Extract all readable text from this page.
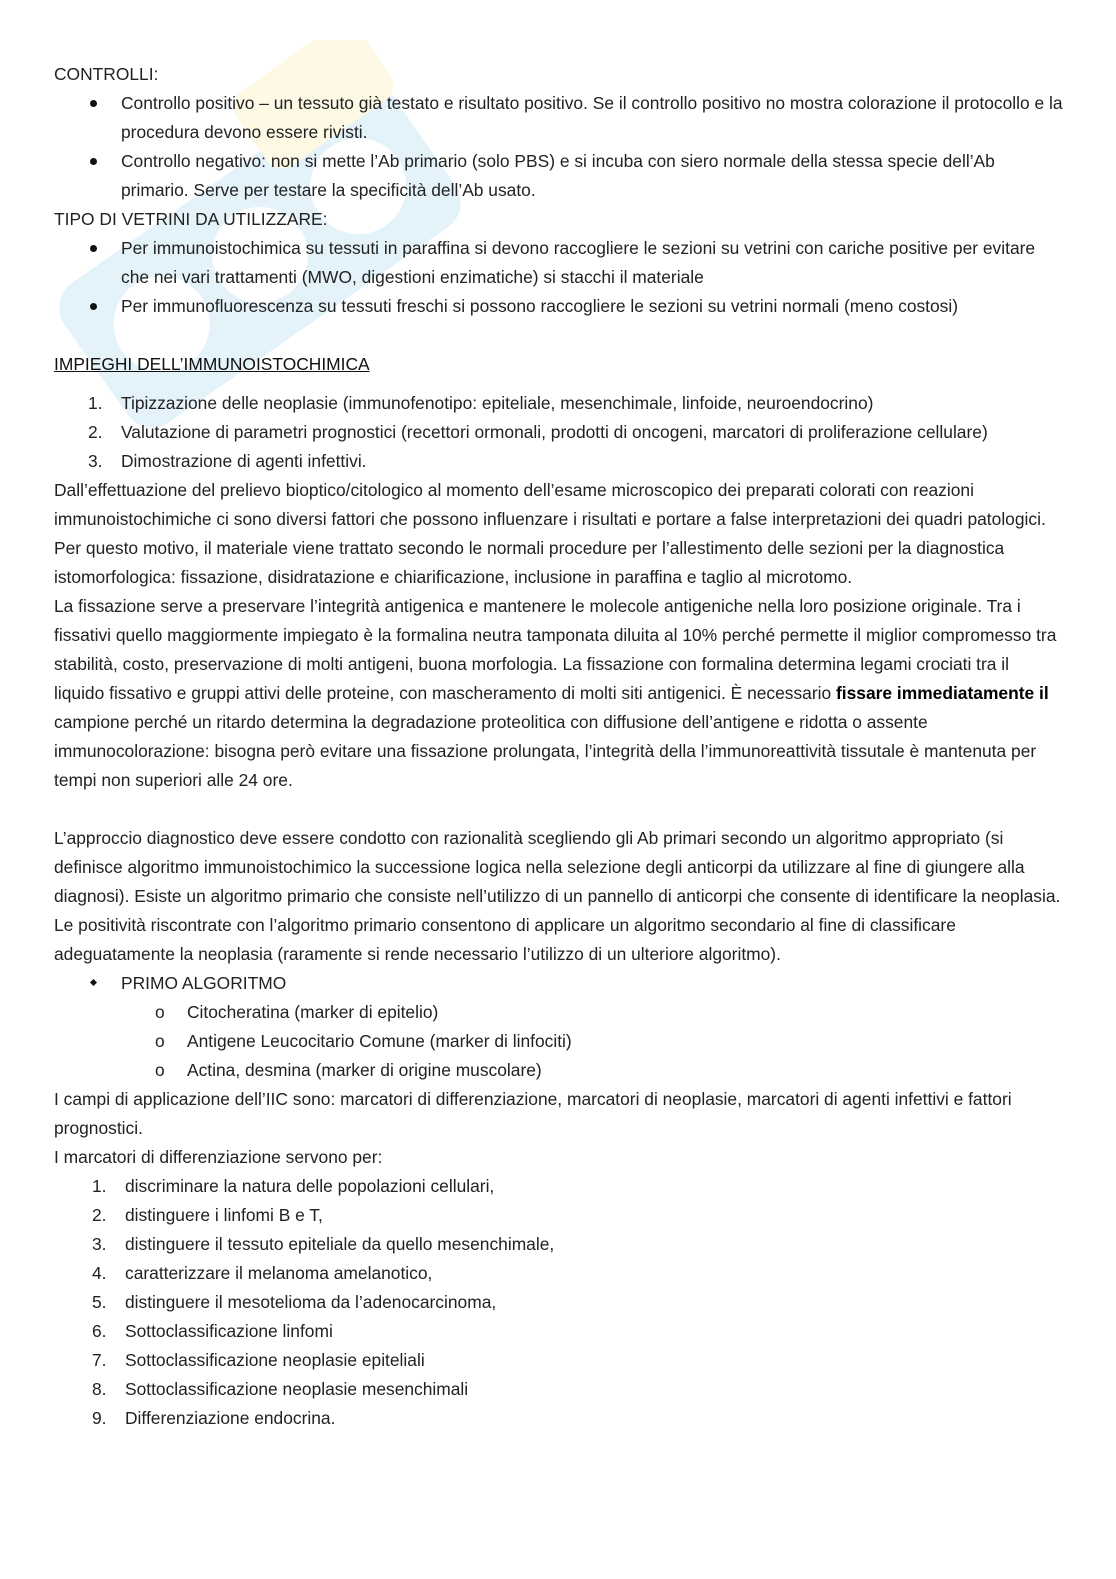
CONTROLLI:

Controllo positivo – un tessuto già testato e risultato positivo. Se il controllo positivo no mostra colorazione il protocollo e la procedura devono essere rivisti.
Controllo negativo: non si mette l’Ab primario (solo PBS) e si incuba con siero normale della stessa specie dell’Ab primario. Serve per testare la specificità dell’Ab usato.

TIPO DI VETRINI DA UTILIZZARE:

Per immunoistochimica su tessuti in paraffina si devono raccogliere le sezioni su vetrini con cariche positive per evitare che nei vari trattamenti (MWO, digestioni enzimatiche) si stacchi il materiale
Per immunofluorescenza su tessuti freschi si possono raccogliere le sezioni su vetrini normali (meno costosi)

IMPIEGHI DELL’IMMUNOISTOCHIMICA

1. Tipizzazione delle neoplasie (immunofenotipo: epiteliale, mesenchimale, linfoide, neuroendocrino)
2. Valutazione di parametri prognostici (recettori ormonali, prodotti di oncogeni, marcatori di proliferazione cellulare)
3. Dimostrazione di agenti infettivi.

Dall’effettuazione del prelievo bioptico/citologico al momento dell’esame microscopico dei preparati colorati con reazioni immunoistochimiche ci sono diversi fattori che possono influenzare i risultati e portare a false interpretazioni dei quadri patologici. Per questo motivo, il materiale viene trattato secondo le normali procedure per l’allestimento delle sezioni per la diagnostica istomorfologica: fissazione, disidratazione e chiarificazione, inclusione in paraffina e taglio al microtomo.

La fissazione serve a preservare l’integrità antigenica e mantenere le molecole antigeniche nella loro posizione originale. Tra i fissativi quello maggiormente impiegato è la formalina neutra tamponata diluita al 10% perché permette il miglior compromesso tra stabilità, costo, preservazione di molti antigeni, buona morfologia. La fissazione con formalina determina legami crociati tra il liquido fissativo e gruppi attivi delle proteine, con mascheramento di molti siti antigenici. È necessario fissare immediatamente il campione perché un ritardo determina la degradazione proteolitica con diffusione dell’antigene e ridotta o assente immunocolorazione: bisogna però evitare una fissazione prolungata, l’integrità della l’immunoreattività tissutale è mantenuta per tempi non superiori alle 24 ore.

L’approccio diagnostico deve essere condotto con razionalità scegliendo gli Ab primari secondo un algoritmo appropriato (si definisce algoritmo immunoistochimico la successione logica nella selezione degli anticorpi da utilizzare al fine di giungere alla diagnosi). Esiste un algoritmo primario che consiste nell’utilizzo di un pannello di anticorpi che consente di identificare la neoplasia. Le positività riscontrate con l’algoritmo primario consentono di applicare un algoritmo secondario al fine di classificare adeguatamente la neoplasia (raramente si rende necessario l’utilizzo di un ulteriore algoritmo).

PRIMO ALGORITMO
o Citocheratina (marker di epitelio)
o Antigene Leucocitario Comune (marker di linfociti)
o Actina, desmina (marker di origine muscolare)

I campi di applicazione dell’IIC sono: marcatori di differenziazione, marcatori di neoplasie, marcatori di agenti infettivi e fattori prognostici.

I marcatori di differenziazione servono per:

1. discriminare la natura delle popolazioni cellulari,
2. distinguere i linfomi B e T,
3. distinguere il tessuto epiteliale da quello mesenchimale,
4. caratterizzare il melanoma amelanotico,
5. distinguere il mesotelioma da l’adenocarcinoma,
6. Sottoclassificazione linfomi
7. Sottoclassificazione neoplasie epiteliali
8. Sottoclassificazione neoplasie mesenchimali
9. Differenziazione endocrina.
